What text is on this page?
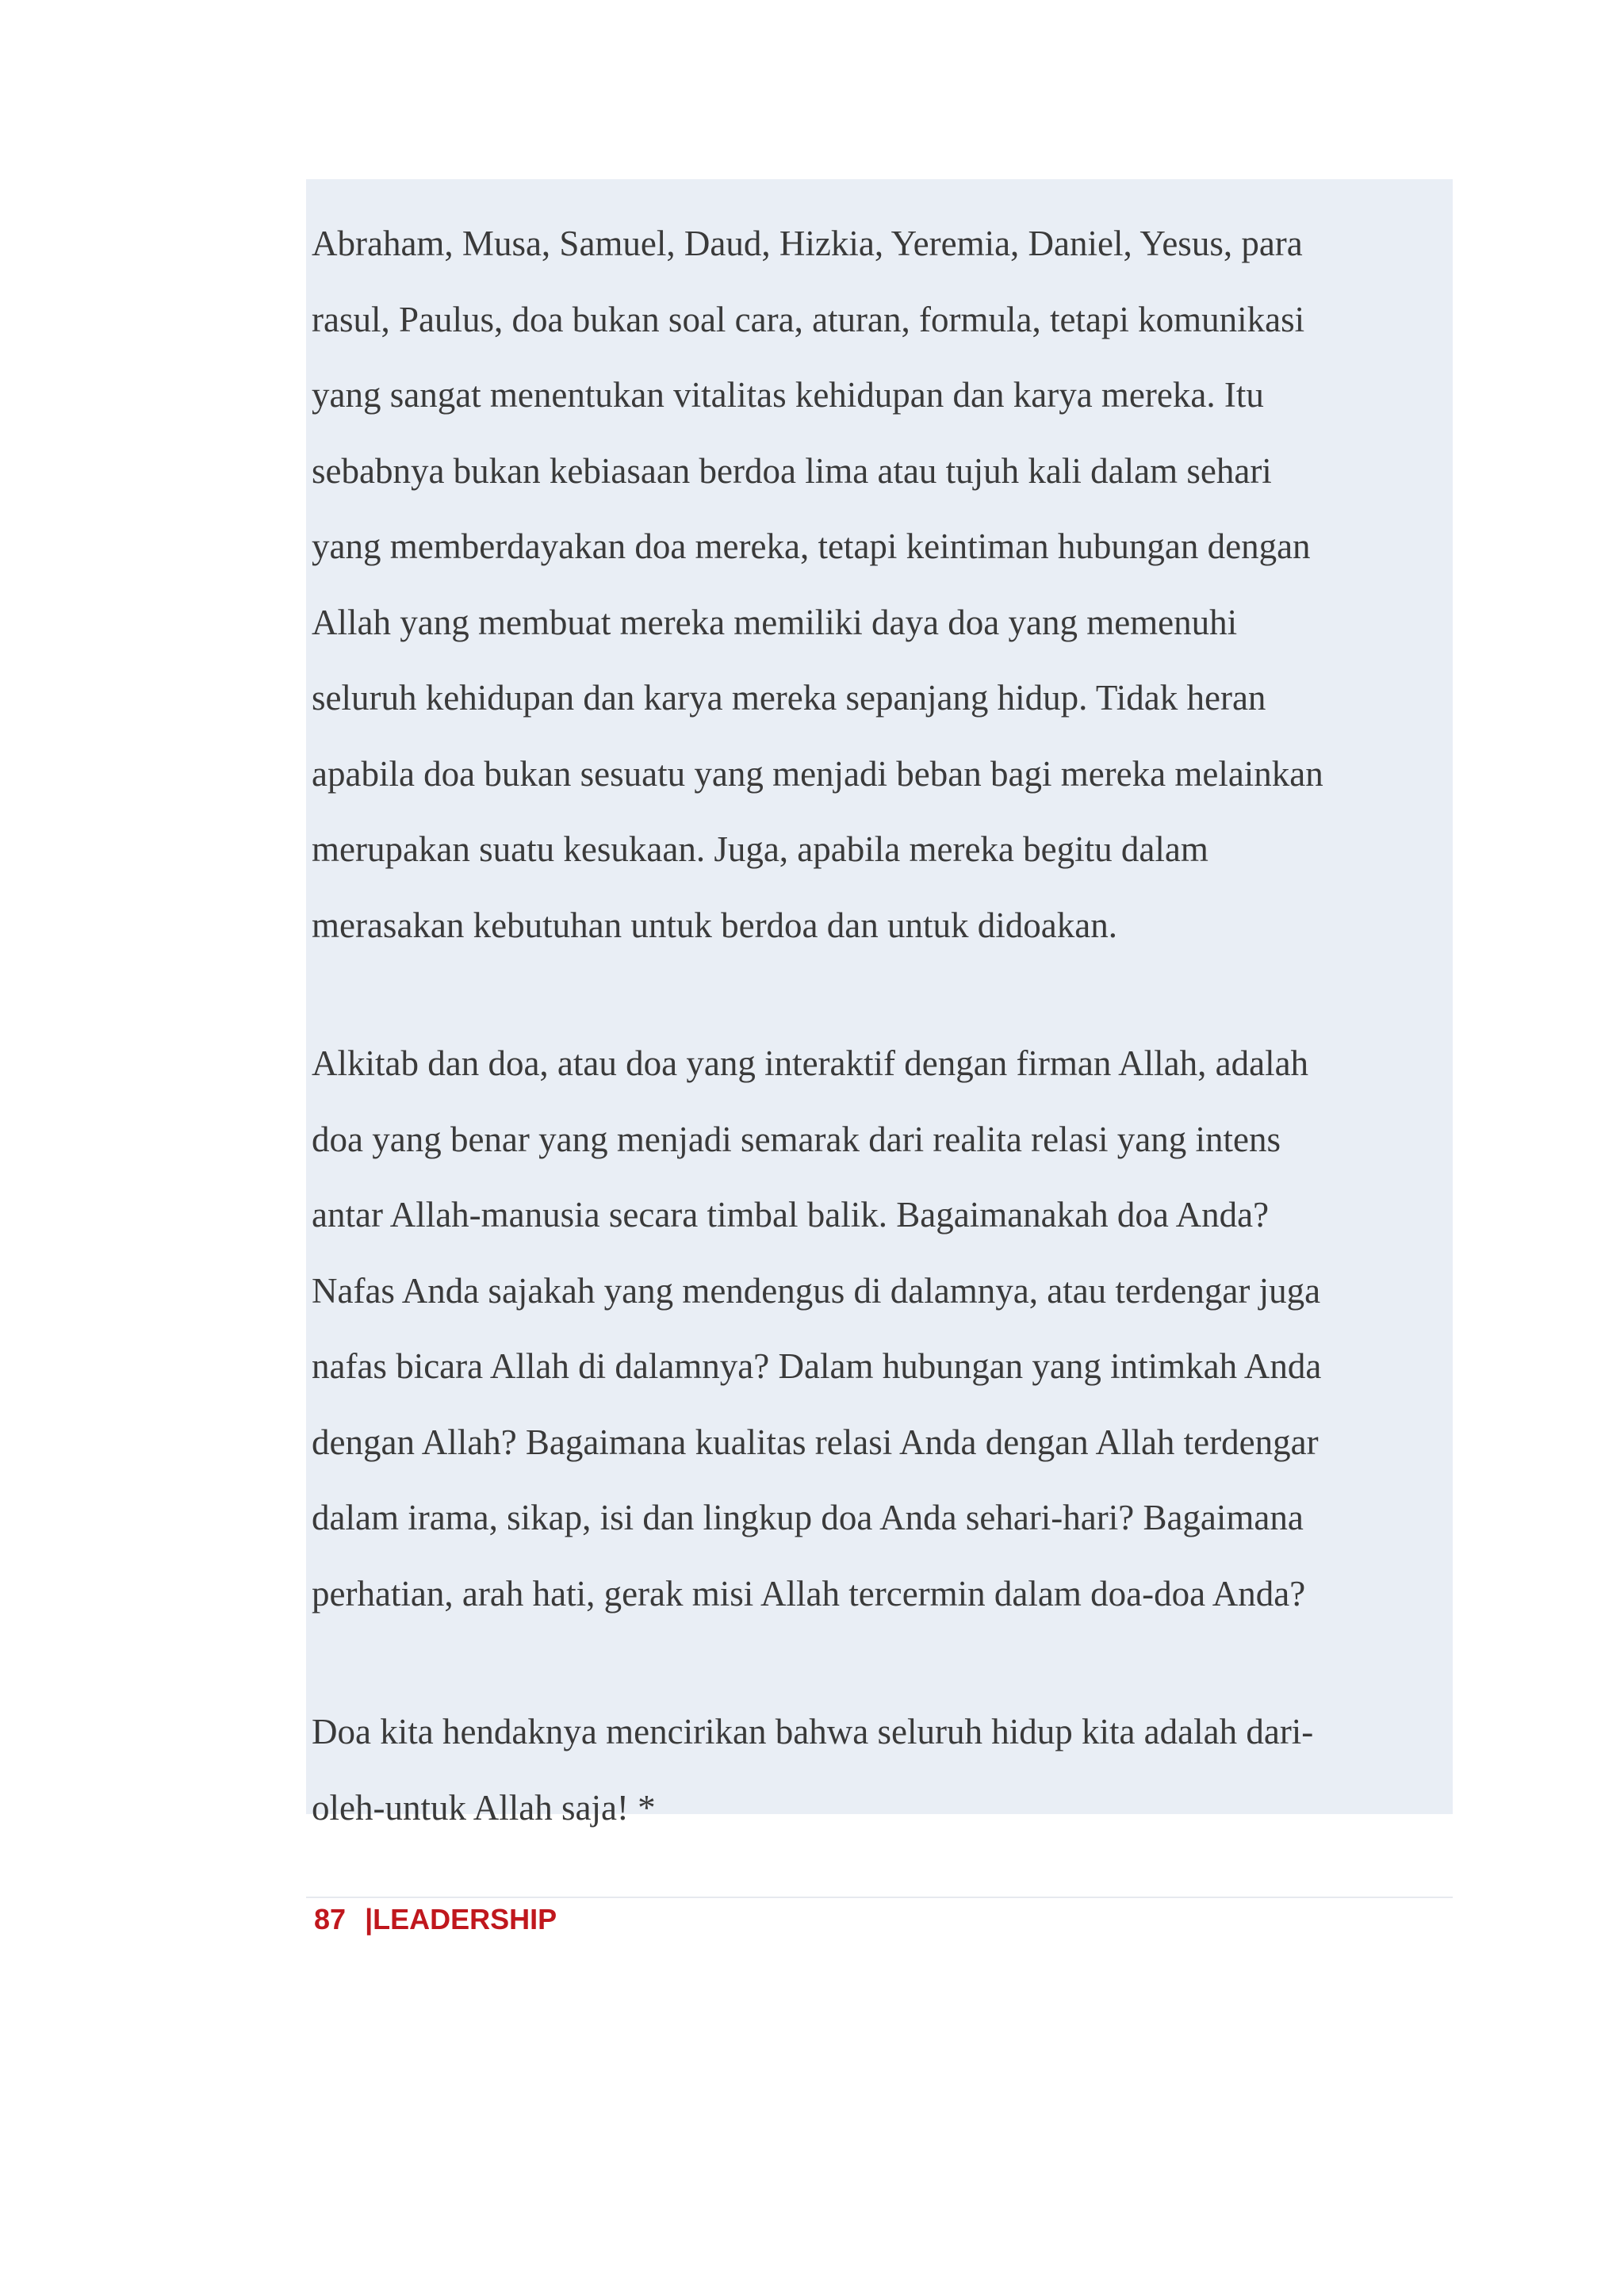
Abraham, Musa, Samuel, Daud, Hizkia, Yeremia, Daniel, Yesus, para
rasul, Paulus, doa bukan soal cara, aturan, formula, tetapi komunikasi
yang sangat menentukan vitalitas kehidupan dan karya mereka. Itu
sebabnya bukan kebiasaan berdoa lima atau tujuh kali dalam sehari
yang memberdayakan doa mereka, tetapi keintiman hubungan dengan
Allah yang membuat mereka memiliki daya doa yang memenuhi
seluruh kehidupan dan karya mereka sepanjang hidup. Tidak heran
apabila doa bukan sesuatu yang menjadi beban bagi mereka melainkan
merupakan suatu kesukaan. Juga, apabila mereka begitu dalam
merasakan kebutuhan untuk berdoa dan untuk didoakan.
Alkitab dan doa, atau doa yang interaktif dengan firman Allah, adalah
doa yang benar yang menjadi semarak dari realita relasi yang intens
antar Allah-manusia secara timbal balik. Bagaimanakah doa Anda?
Nafas Anda sajakah yang mendengus di dalamnya, atau terdengar juga
nafas bicara Allah di dalamnya? Dalam hubungan yang intimkah Anda
dengan Allah? Bagaimana kualitas relasi Anda dengan Allah terdengar
dalam irama, sikap, isi dan lingkup doa Anda sehari-hari? Bagaimana
perhatian, arah hati, gerak misi Allah tercermin dalam doa-doa Anda?
Doa kita hendaknya mencirikan bahwa seluruh hidup kita adalah dari-
oleh-untuk Allah saja! *
87 |LEADERSHIP
